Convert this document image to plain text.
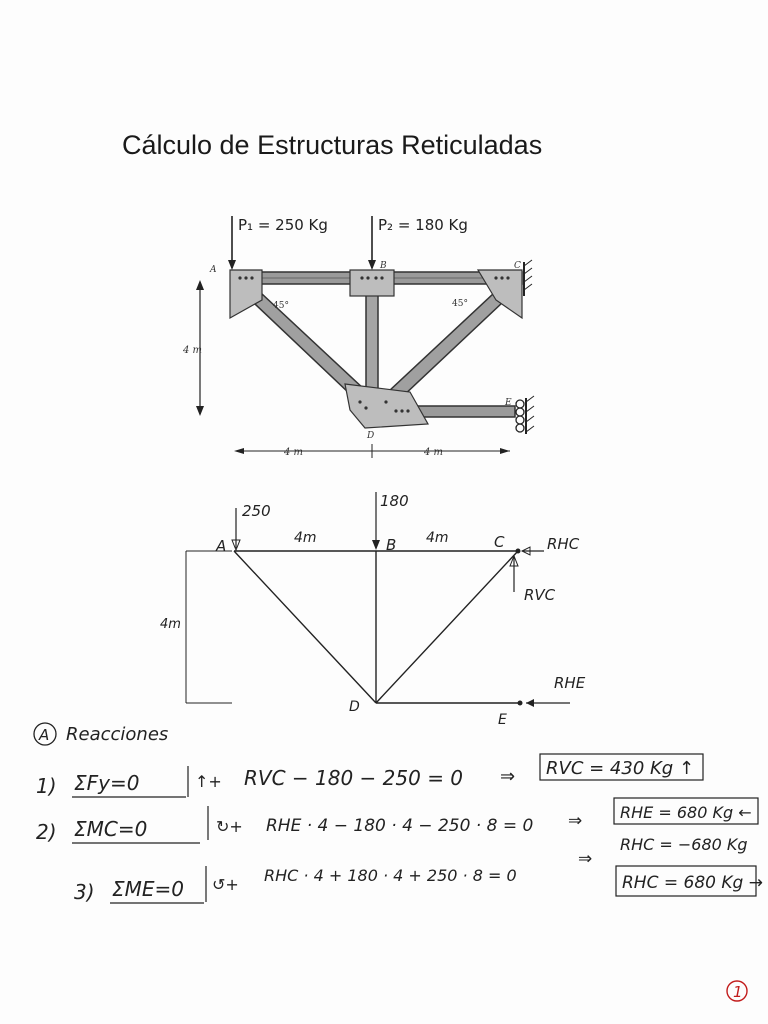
Cálculo de Estructuras Reticuladas
P₁ = 250 Kg	P₂ = 180 Kg
A	B	C
D
E
45°	45°
4 m
4 m	4 m
250
180
A	B	C
D
E
4m	4m
4m
RHC
RVC
RHE
A Reacciones
1) ΣFy=0	↑+ RVC − 180 − 250 = 0 ⇒ RVC = 430 Kg ↑
2) ΣMC=0	↻+ RHE · 4 − 180 · 4 − 250 · 8 = 0 ⇒ RHE = 680 Kg ←
3) ΣME=0 ↺+ RHC · 4 + 180 · 4 + 250 · 8 = 0
⇒
RHC = −680 Kg
RHC = 680 Kg →
1
